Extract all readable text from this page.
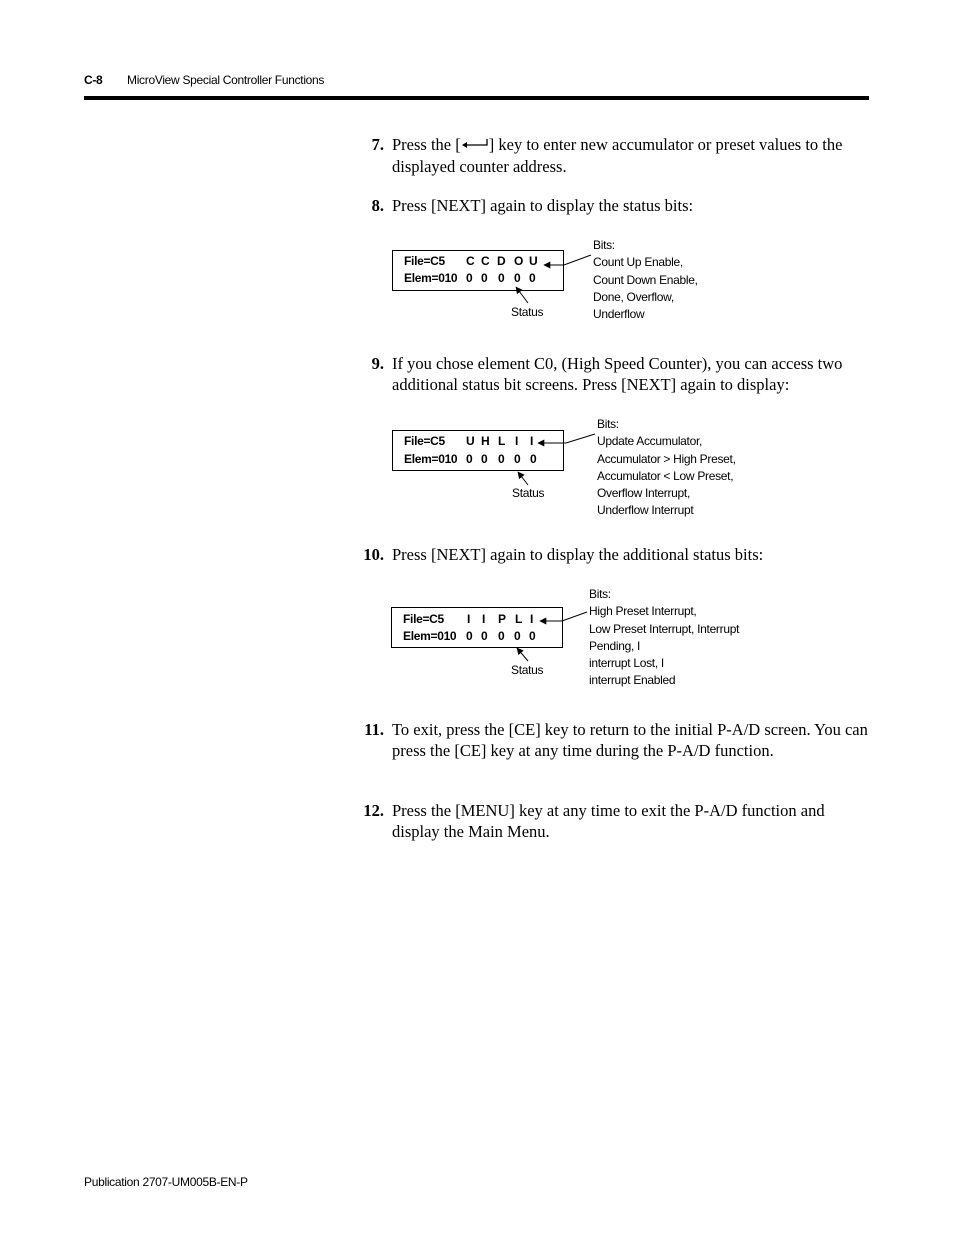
C-8 MicroView Special Controller Functions
7. Press the [ ] key to enter new accumulator or preset values to the displayed counter address.
8. Press [NEXT] again to display the status bits:
File=C5
Elem=010
C C D O U
0 0 0 0 0
Status
Bits:
Count Up Enable,
Count Down Enable,
Done, Overflow,
Underflow
9. If you chose element C0, (High Speed Counter), you can access two additional status bit screens. Press [NEXT] again to display:
File=C5
Elem=010
U H L I I
0 0 0 0 0
Status
Bits:
Update Accumulator,
Accumulator > High Preset,
Accumulator < Low Preset,
Overflow Interrupt,
Underflow Interrupt
10. Press [NEXT] again to display the additional status bits:
File=C5
Elem=010
I I P L I
0 0 0 0 0
Status
Bits:
High Preset Interrupt,
Low Preset Interrupt, Interrupt
Pending, I
interrupt Lost, I
interrupt Enabled
11. To exit, press the [CE] key to return to the initial P-A/D screen. You can press the [CE] key at any time during the P-A/D function.
12. Press the [MENU] key at any time to exit the P-A/D function and display the Main Menu.
Publication 2707-UM005B-EN-P
